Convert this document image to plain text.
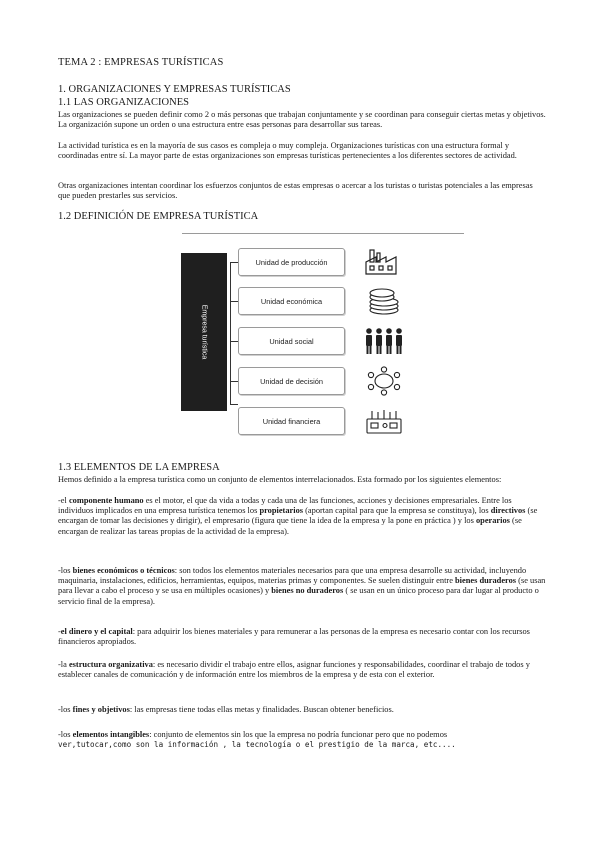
TEMA 2 : EMPRESAS TURÍSTICAS

1. ORGANIZACIONES Y EMPRESAS TURÍSTICAS

1.1 LAS ORGANIZACIONES

Las organizaciones se pueden definir como 2 o más personas que trabajan conjuntamente y se coordinan para conseguir ciertas metas y objetivos. La organización supone un orden o una estructura entre esas personas para desarrollar sus tareas.

La actividad turística es en la mayoría de sus casos es compleja o muy compleja. Organizaciones turísticas con una estructura formal y coordinadas entre sí. La mayor parte de estas organizaciones son empresas turísticas pertenecientes a los diferentes sectores de actividad.

Otras organizaciones intentan coordinar los esfuerzos conjuntos de estas empresas o acercar a los turistas o turistas potenciales a las empresas que pueden prestarles sus servicios.

1.2 DEFINICIÓN DE EMPRESA TURÍSTICA

Empresa turística
Unidad de producción
Unidad económica
Unidad social
Unidad de decisión
Unidad financiera

1.3 ELEMENTOS DE LA EMPRESA

Hemos definido a la empresa turística como un conjunto de elementos interrelacionados. Esta formado por los siguientes elementos:

-el componente humano es el motor, el que da vida a todas y cada una de las funciones, acciones y decisiones empresariales. Entre los individuos implicados en una empresa turística tenemos los propietarios (aportan capital para que la empresa se constituya), los directivos (se encargan de tomar las decisiones y dirigir), el empresario (figura que tiene la idea de la empresa y la pone en práctica ) y los operarios (se encargan de realizar las tareas propias de la actividad de la empresa).

-los bienes económicos o técnicos: son todos los elementos materiales necesarios para que una empresa desarrolle su actividad, incluyendo maquinaria, instalaciones, edificios, herramientas, equipos, materias primas y componentes. Se suelen distinguir entre bienes duraderos (se usan para llevar a cabo el proceso y se usa en múltiples ocasiones) y bienes no duraderos ( se usan en un único proceso para dar lugar al producto o servicio final de la empresa).

-el dinero y el capital: para adquirir los bienes materiales y para remunerar a las personas de la empresa es necesario contar con los recursos financieros apropiados.

-la estructura organizativa: es necesario dividir el trabajo entre ellos, asignar funciones y responsabilidades, coordinar el trabajo de todos y establecer canales de comunicación y de información entre los miembros de la empresa y de esta con el exterior.

-los fines y objetivos: las empresas tiene todas ellas metas y finalidades. Buscan obtener beneficios.

-los elementos intangibles: conjunto de elementos sin los que la empresa no podría funcionar pero que no podemos
ver,tutocar,como son la información , la tecnología o el prestigio de la marca, etc....
